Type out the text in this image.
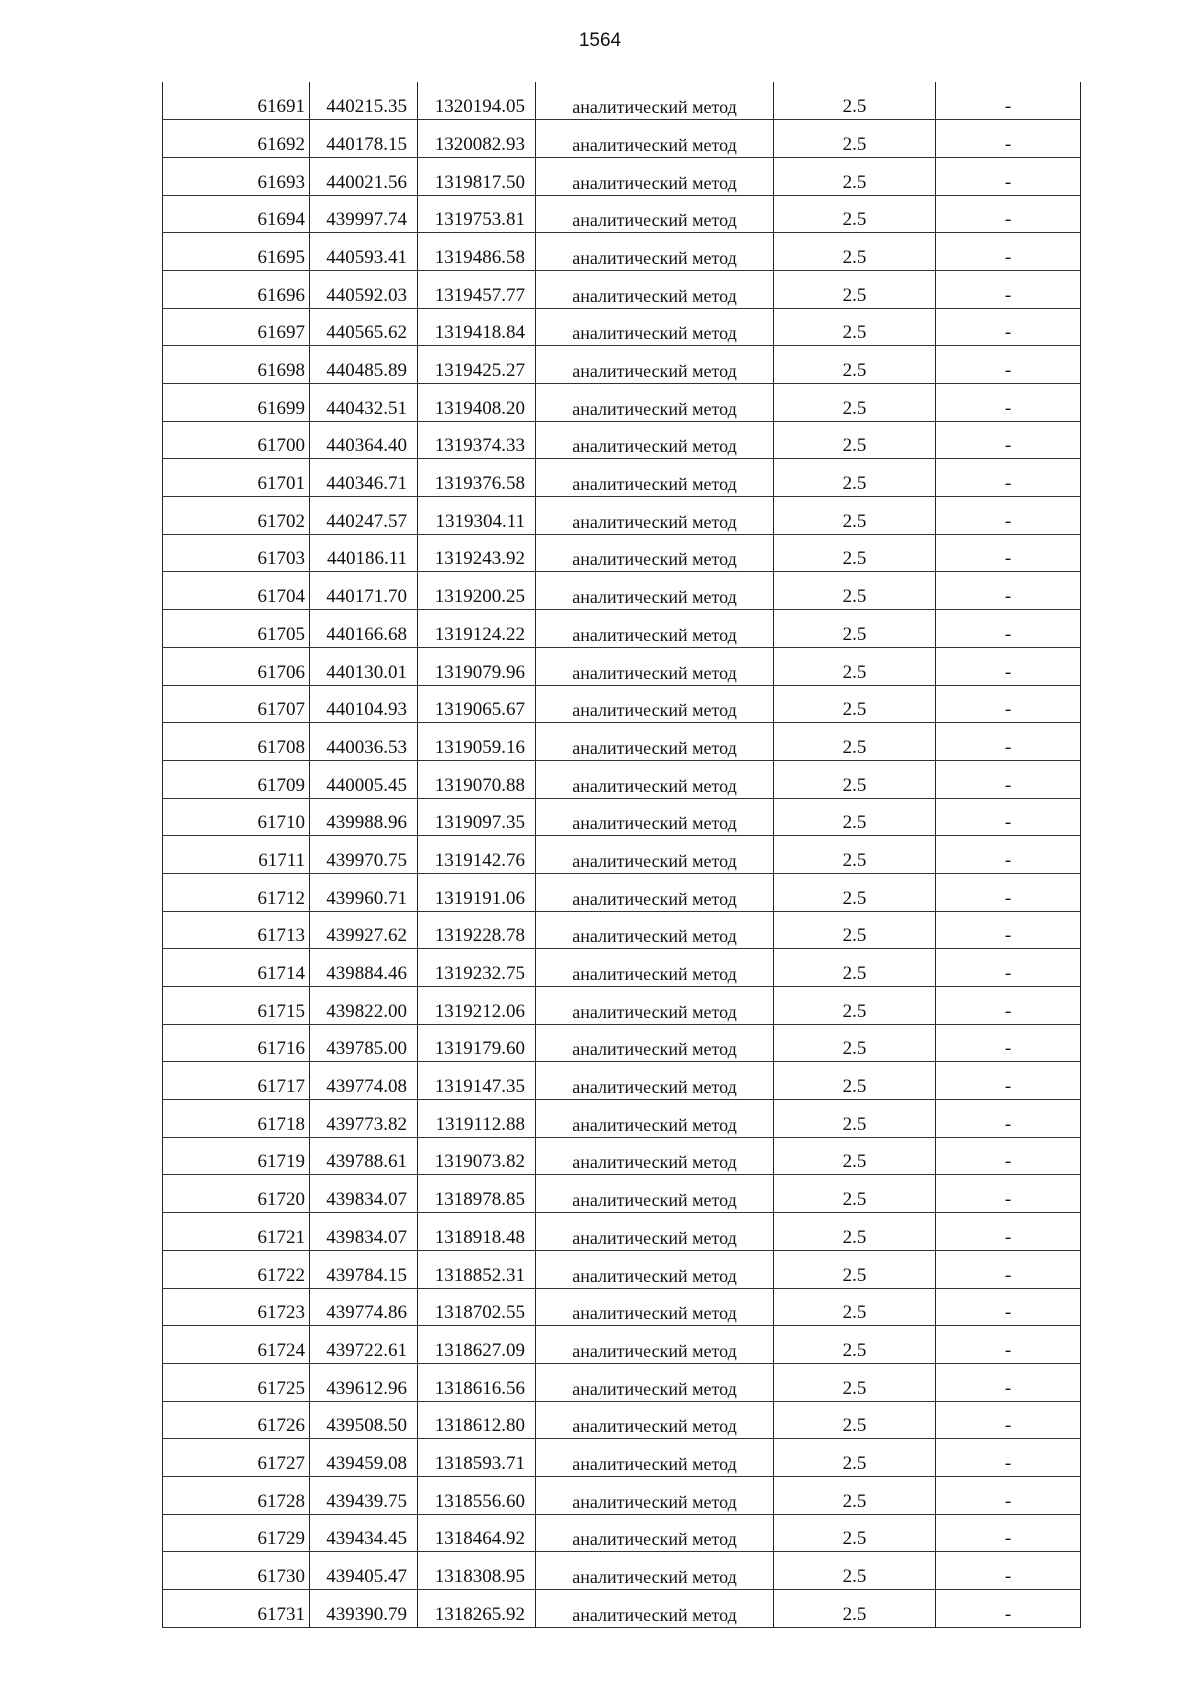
1564
61691	440215.35	1320194.05	аналитический метод	2.5	-
61692	440178.15	1320082.93	аналитический метод	2.5	-
61693	440021.56	1319817.50	аналитический метод	2.5	-
61694	439997.74	1319753.81	аналитический метод	2.5	-
61695	440593.41	1319486.58	аналитический метод	2.5	-
61696	440592.03	1319457.77	аналитический метод	2.5	-
61697	440565.62	1319418.84	аналитический метод	2.5	-
61698	440485.89	1319425.27	аналитический метод	2.5	-
61699	440432.51	1319408.20	аналитический метод	2.5	-
61700	440364.40	1319374.33	аналитический метод	2.5	-
61701	440346.71	1319376.58	аналитический метод	2.5	-
61702	440247.57	1319304.11	аналитический метод	2.5	-
61703	440186.11	1319243.92	аналитический метод	2.5	-
61704	440171.70	1319200.25	аналитический метод	2.5	-
61705	440166.68	1319124.22	аналитический метод	2.5	-
61706	440130.01	1319079.96	аналитический метод	2.5	-
61707	440104.93	1319065.67	аналитический метод	2.5	-
61708	440036.53	1319059.16	аналитический метод	2.5	-
61709	440005.45	1319070.88	аналитический метод	2.5	-
61710	439988.96	1319097.35	аналитический метод	2.5	-
61711	439970.75	1319142.76	аналитический метод	2.5	-
61712	439960.71	1319191.06	аналитический метод	2.5	-
61713	439927.62	1319228.78	аналитический метод	2.5	-
61714	439884.46	1319232.75	аналитический метод	2.5	-
61715	439822.00	1319212.06	аналитический метод	2.5	-
61716	439785.00	1319179.60	аналитический метод	2.5	-
61717	439774.08	1319147.35	аналитический метод	2.5	-
61718	439773.82	1319112.88	аналитический метод	2.5	-
61719	439788.61	1319073.82	аналитический метод	2.5	-
61720	439834.07	1318978.85	аналитический метод	2.5	-
61721	439834.07	1318918.48	аналитический метод	2.5	-
61722	439784.15	1318852.31	аналитический метод	2.5	-
61723	439774.86	1318702.55	аналитический метод	2.5	-
61724	439722.61	1318627.09	аналитический метод	2.5	-
61725	439612.96	1318616.56	аналитический метод	2.5	-
61726	439508.50	1318612.80	аналитический метод	2.5	-
61727	439459.08	1318593.71	аналитический метод	2.5	-
61728	439439.75	1318556.60	аналитический метод	2.5	-
61729	439434.45	1318464.92	аналитический метод	2.5	-
61730	439405.47	1318308.95	аналитический метод	2.5	-
61731	439390.79	1318265.92	аналитический метод	2.5	-
